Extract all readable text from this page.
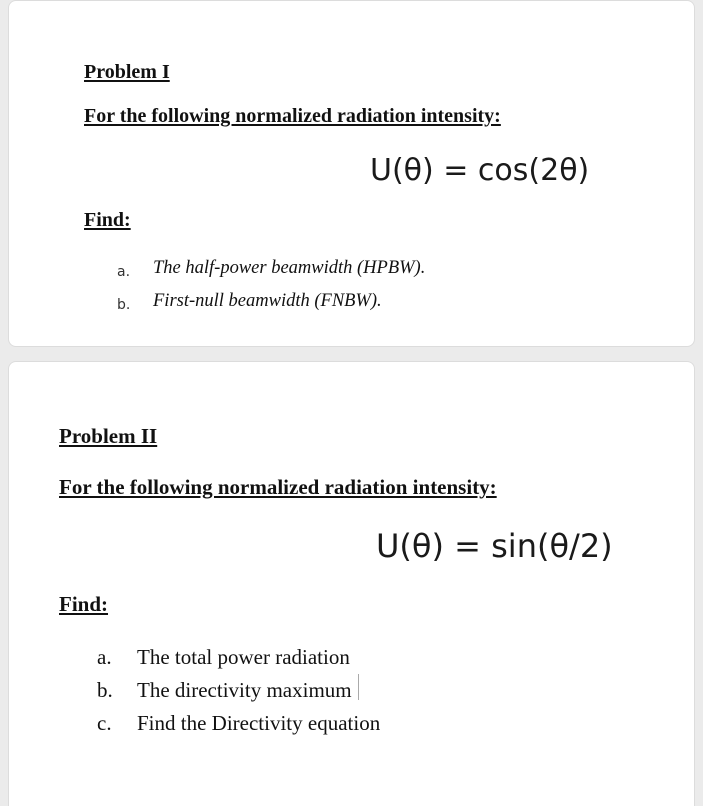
Problem I
For the following normalized radiation intensity:
U(θ) = cos(2θ)
Find:
a.	The half-power beamwidth (HPBW).
b.	First-null beamwidth (FNBW).
Problem II
For the following normalized radiation intensity:
U(θ) = sin(θ/2)
Find:
a.	The total power radiation
b.	The directivity maximum
c.	Find the Directivity equation
